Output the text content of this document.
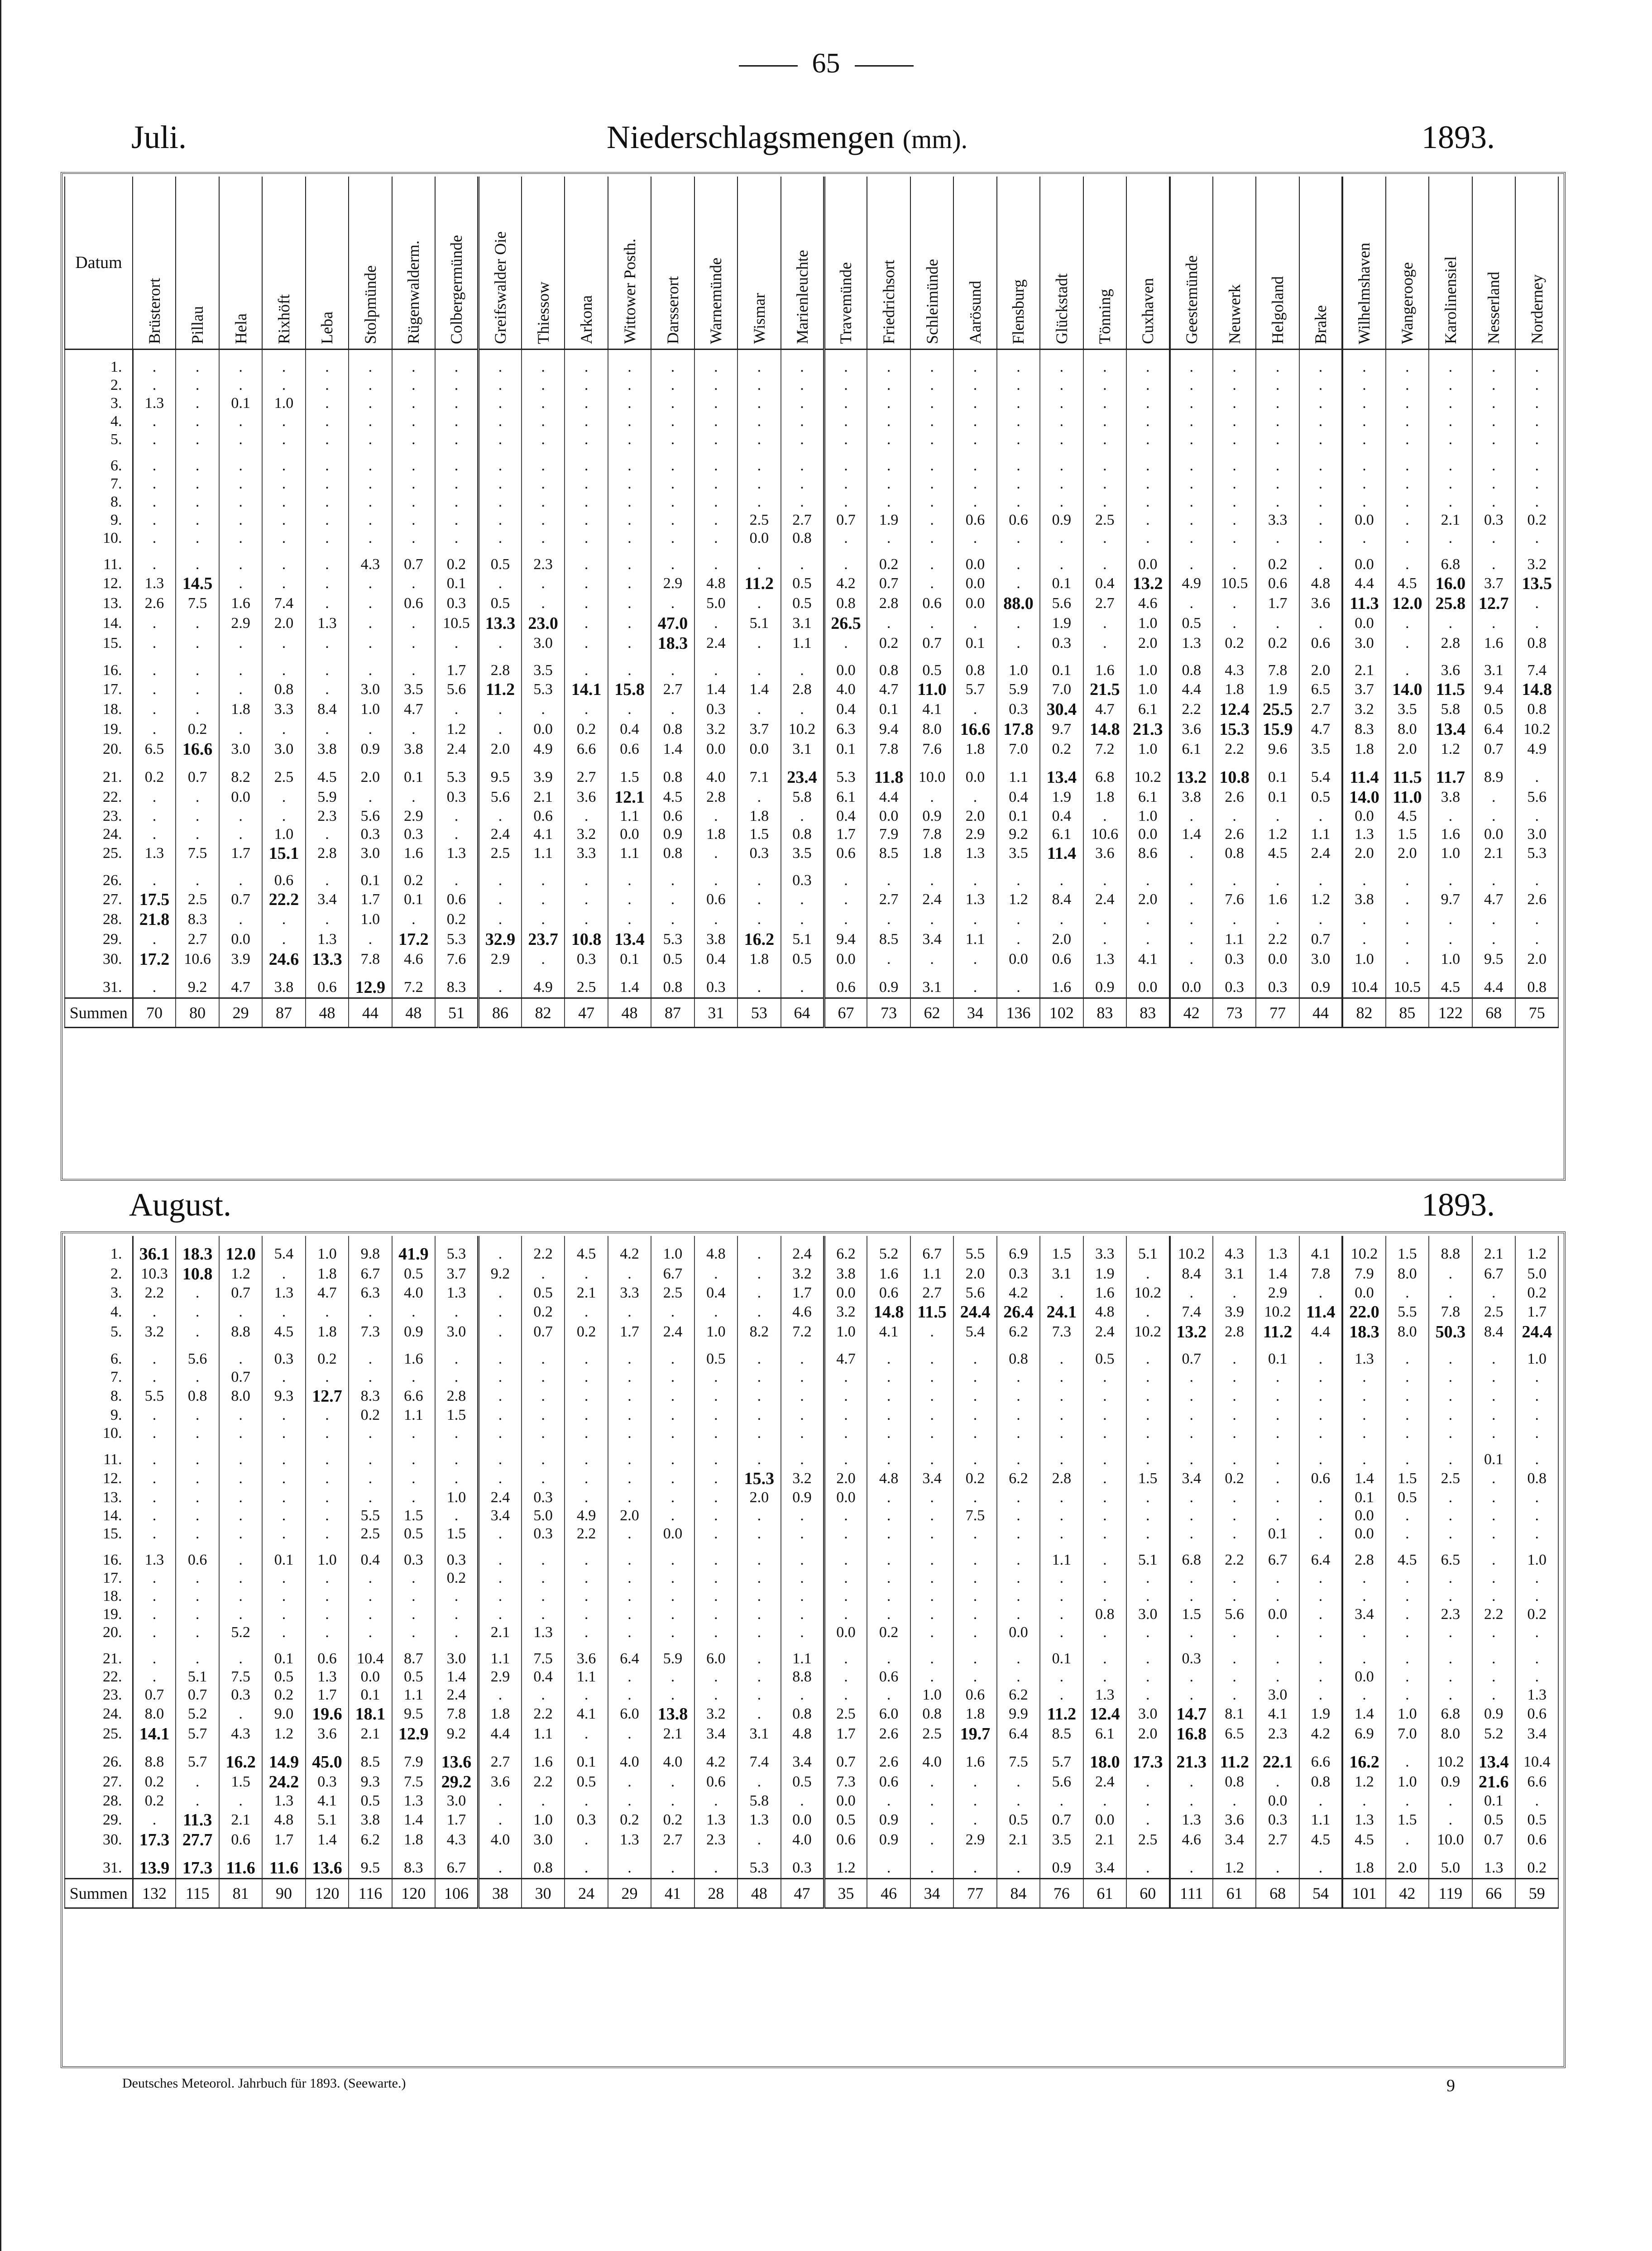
65
Juli.	Niederschlagsmengen (mm).	1893.
Datum	Brüsterort	Pillau	Hela	Rixhöft	Leba	Stolpmünde	Rügenwalderm.	Colbergermünde	Greifswalder Oie	Thiessow	Arkona	Wittower Posth.	Darsserort	Warnemünde	Wismar	Marienleuchte	Travemünde	Friedrichsort	Schleimünde	Aarösund	Flensburg	Glückstadt	Tönning	Cuxhaven	Geestemünde	Neuwerk	Helgoland	Brake	Wilhelmshaven	Wangerooge	Karolinensiel	Nesserland	Norderney

1.	.	.	.	.	.	.	.	.	.	.	.	.	.	.	.	.	.	.	.	.	.	.	.	.	.	.	.	.	.	.	.	.	.
2.	.	.	.	.	.	.	.	.	.	.	.	.	.	.	.	.	.	.	.	.	.	.	.	.	.	.	.	.	.	.	.	.	.
3.	1.3	.	0.1	1.0	.	.	.	.	.	.	.	.	.	.	.	.	.	.	.	.	.	.	.	.	.	.	.	.	.	.	.	.	.
4.	.	.	.	.	.	.	.	.	.	.	.	.	.	.	.	.	.	.	.	.	.	.	.	.	.	.	.	.	.	.	.	.	.
5.	.	.	.	.	.	.	.	.	.	.	.	.	.	.	.	.	.	.	.	.	.	.	.	.	.	.	.	.	.	.	.	.	.

6.	.	.	.	.	.	.	.	.	.	.	.	.	.	.	.	.	.	.	.	.	.	.	.	.	.	.	.	.	.	.	.	.	.
7.	.	.	.	.	.	.	.	.	.	.	.	.	.	.	.	.	.	.	.	.	.	.	.	.	.	.	.	.	.	.	.	.	.
8.	.	.	.	.	.	.	.	.	.	.	.	.	.	.	.	.	.	.	.	.	.	.	.	.	.	.	.	.	.	.	.	.	.
9.	.	.	.	.	.	.	.	.	.	.	.	.	.	.	2.5	2.7	0.7	1.9	.	0.6	0.6	0.9	2.5	.	.	.	3.3	.	0.0	.	2.1	0.3	0.2
10.	.	.	.	.	.	.	.	.	.	.	.	.	.	.	0.0	0.8	.	.	.	.	.	.	.	.	.	.	.	.	.	.	.	.	.

11.	.	.	.	.	.	4.3	0.7	0.2	0.5	2.3	.	.	.	.	.	.	.	0.2	.	0.0	.	.	.	0.0	.	.	0.2	.	0.0	.	6.8	.	3.2
12.	1.3	14.5	.	.	.	.	.	0.1	.	.	.	.	2.9	4.8	11.2	0.5	4.2	0.7	.	0.0	.	0.1	0.4	13.2	4.9	10.5	0.6	4.8	4.4	4.5	16.0	3.7	13.5
13.	2.6	7.5	1.6	7.4	.	.	0.6	0.3	0.5	.	.	.	.	5.0	.	0.5	0.8	2.8	0.6	0.0	88.0	5.6	2.7	4.6	.	.	1.7	3.6	11.3	12.0	25.8	12.7	.
14.	.	.	2.9	2.0	1.3	.	.	10.5	13.3	23.0	.	.	47.0	.	5.1	3.1	26.5	.	.	.	.	1.9	.	1.0	0.5	.	.	.	0.0	.	.	.	.
15.	.	.	.	.	.	.	.	.	.	3.0	.	.	18.3	2.4	.	1.1	.	0.2	0.7	0.1	.	0.3	.	2.0	1.3	0.2	0.2	0.6	3.0	.	2.8	1.6	0.8

16.	.	.	.	.	.	.	.	1.7	2.8	3.5	.	.	.	.	.	.	0.0	0.8	0.5	0.8	1.0	0.1	1.6	1.0	0.8	4.3	7.8	2.0	2.1	.	3.6	3.1	7.4
17.	.	.	.	0.8	.	3.0	3.5	5.6	11.2	5.3	14.1	15.8	2.7	1.4	1.4	2.8	4.0	4.7	11.0	5.7	5.9	7.0	21.5	1.0	4.4	1.8	1.9	6.5	3.7	14.0	11.5	9.4	14.8
18.	.	.	1.8	3.3	8.4	1.0	4.7	.	.	.	.	.	.	0.3	.	.	0.4	0.1	4.1	.	0.3	30.4	4.7	6.1	2.2	12.4	25.5	2.7	3.2	3.5	5.8	0.5	0.8
19.	.	0.2	.	.	.	.	.	1.2	.	0.0	0.2	0.4	0.8	3.2	3.7	10.2	6.3	9.4	8.0	16.6	17.8	9.7	14.8	21.3	3.6	15.3	15.9	4.7	8.3	8.0	13.4	6.4	10.2
20.	6.5	16.6	3.0	3.0	3.8	0.9	3.8	2.4	2.0	4.9	6.6	0.6	1.4	0.0	0.0	3.1	0.1	7.8	7.6	1.8	7.0	0.2	7.2	1.0	6.1	2.2	9.6	3.5	1.8	2.0	1.2	0.7	4.9

21.	0.2	0.7	8.2	2.5	4.5	2.0	0.1	5.3	9.5	3.9	2.7	1.5	0.8	4.0	7.1	23.4	5.3	11.8	10.0	0.0	1.1	13.4	6.8	10.2	13.2	10.8	0.1	5.4	11.4	11.5	11.7	8.9	.
22.	.	.	0.0	.	5.9	.	.	0.3	5.6	2.1	3.6	12.1	4.5	2.8	.	5.8	6.1	4.4	.	.	0.4	1.9	1.8	6.1	3.8	2.6	0.1	0.5	14.0	11.0	3.8	.	5.6
23.	.	.	.	.	2.3	5.6	2.9	.	.	0.6	.	1.1	0.6	.	1.8	.	0.4	0.0	0.9	2.0	0.1	0.4	.	1.0	.	.	.	.	0.0	4.5	.	.	.
24.	.	.	.	1.0	.	0.3	0.3	.	2.4	4.1	3.2	0.0	0.9	1.8	1.5	0.8	1.7	7.9	7.8	2.9	9.2	6.1	10.6	0.0	1.4	2.6	1.2	1.1	1.3	1.5	1.6	0.0	3.0
25.	1.3	7.5	1.7	15.1	2.8	3.0	1.6	1.3	2.5	1.1	3.3	1.1	0.8	.	0.3	3.5	0.6	8.5	1.8	1.3	3.5	11.4	3.6	8.6	.	0.8	4.5	2.4	2.0	2.0	1.0	2.1	5.3

26.	.	.	.	0.6	.	0.1	0.2	.	.	.	.	.	.	.	.	0.3	.	.	.	.	.	.	.	.	.	.	.	.	.	.	.	.	.
27.	17.5	2.5	0.7	22.2	3.4	1.7	0.1	0.6	.	.	.	.	.	0.6	.	.	.	2.7	2.4	1.3	1.2	8.4	2.4	2.0	.	7.6	1.6	1.2	3.8	.	9.7	4.7	2.6
28.	21.8	8.3	.	.	.	1.0	.	0.2	.	.	.	.	.	.	.	.	.	.	.	.	.	.	.	.	.	.	.	.	.	.	.	.	.
29.	.	2.7	0.0	.	1.3	.	17.2	5.3	32.9	23.7	10.8	13.4	5.3	3.8	16.2	5.1	9.4	8.5	3.4	1.1	.	2.0	.	.	.	1.1	2.2	0.7	.	.	.	.	.
30.	17.2	10.6	3.9	24.6	13.3	7.8	4.6	7.6	2.9	.	0.3	0.1	0.5	0.4	1.8	0.5	0.0	.	.	.	0.0	0.6	1.3	4.1	.	0.3	0.0	3.0	1.0	.	1.0	9.5	2.0

31.	.	9.2	4.7	3.8	0.6	12.9	7.2	8.3	.	4.9	2.5	1.4	0.8	0.3	.	.	0.6	0.9	3.1	.	.	1.6	0.9	0.0	0.0	0.3	0.3	0.9	10.4	10.5	4.5	4.4	0.8
Summen	70	80	29	87	48	44	48	51	86	82	47	48	87	31	53	64	67	73	62	34	136	102	83	83	42	73	77	44	82	85	122	68	75
August.	1893.

1.	36.1	18.3	12.0	5.4	1.0	9.8	41.9	5.3	.	2.2	4.5	4.2	1.0	4.8	.	2.4	6.2	5.2	6.7	5.5	6.9	1.5	3.3	5.1	10.2	4.3	1.3	4.1	10.2	1.5	8.8	2.1	1.2
2.	10.3	10.8	1.2	.	1.8	6.7	0.5	3.7	9.2	.	.	.	6.7	.	.	3.2	3.8	1.6	1.1	2.0	0.3	3.1	1.9	.	8.4	3.1	1.4	7.8	7.9	8.0	.	6.7	5.0
3.	2.2	.	0.7	1.3	4.7	6.3	4.0	1.3	.	0.5	2.1	3.3	2.5	0.4	.	1.7	0.0	0.6	2.7	5.6	4.2	.	1.6	10.2	.	.	2.9	.	0.0	.	.	.	0.2
4.	.	.	.	.	.	.	.	.	.	0.2	.	.	.	.	.	4.6	3.2	14.8	11.5	24.4	26.4	24.1	4.8	.	7.4	3.9	10.2	11.4	22.0	5.5	7.8	2.5	1.7
5.	3.2	.	8.8	4.5	1.8	7.3	0.9	3.0	.	0.7	0.2	1.7	2.4	1.0	8.2	7.2	1.0	4.1	.	5.4	6.2	7.3	2.4	10.2	13.2	2.8	11.2	4.4	18.3	8.0	50.3	8.4	24.4

6.	.	5.6	.	0.3	0.2	.	1.6	.	.	.	.	.	.	0.5	.	.	4.7	.	.	.	0.8	.	0.5	.	0.7	.	0.1	.	1.3	.	.	.	1.0
7.	.	.	0.7	.	.	.	.	.	.	.	.	.	.	.	.	.	.	.	.	.	.	.	.	.	.	.	.	.	.	.	.	.	.
8.	5.5	0.8	8.0	9.3	12.7	8.3	6.6	2.8	.	.	.	.	.	.	.	.	.	.	.	.	.	.	.	.	.	.	.	.	.	.	.	.	.
9.	.	.	.	.	.	0.2	1.1	1.5	.	.	.	.	.	.	.	.	.	.	.	.	.	.	.	.	.	.	.	.	.	.	.	.	.
10.	.	.	.	.	.	.	.	.	.	.	.	.	.	.	.	.	.	.	.	.	.	.	.	.	.	.	.	.	.	.	.	.	.

11.	.	.	.	.	.	.	.	.	.	.	.	.	.	.	.	.	.	.	.	.	.	.	.	.	.	.	.	.	.	.	.	0.1	.
12.	.	.	.	.	.	.	.	.	.	.	.	.	.	.	15.3	3.2	2.0	4.8	3.4	0.2	6.2	2.8	.	1.5	3.4	0.2	.	0.6	1.4	1.5	2.5	.	0.8
13.	.	.	.	.	.	.	.	1.0	2.4	0.3	.	.	.	.	2.0	0.9	0.0	.	.	.	.	.	.	.	.	.	.	.	0.1	0.5	.	.	.
14.	.	.	.	.	.	5.5	1.5	.	3.4	5.0	4.9	2.0	.	.	.	.	.	.	.	7.5	.	.	.	.	.	.	.	.	0.0	.	.	.	.
15.	.	.	.	.	.	2.5	0.5	1.5	.	0.3	2.2	.	0.0	.	.	.	.	.	.	.	.	.	.	.	.	.	0.1	.	0.0	.	.	.	.

16.	1.3	0.6	.	0.1	1.0	0.4	0.3	0.3	.	.	.	.	.	.	.	.	.	.	.	.	.	1.1	.	5.1	6.8	2.2	6.7	6.4	2.8	4.5	6.5	.	1.0
17.	.	.	.	.	.	.	.	0.2	.	.	.	.	.	.	.	.	.	.	.	.	.	.	.	.	.	.	.	.	.	.	.	.	.
18.	.	.	.	.	.	.	.	.	.	.	.	.	.	.	.	.	.	.	.	.	.	.	.	.	.	.	.	.	.	.	.	.	.
19.	.	.	.	.	.	.	.	.	.	.	.	.	.	.	.	.	.	.	.	.	.	.	0.8	3.0	1.5	5.6	0.0	.	3.4	.	2.3	2.2	0.2
20.	.	.	5.2	.	.	.	.	.	2.1	1.3	.	.	.	.	.	.	0.0	0.2	.	.	0.0	.	.	.	.	.	.	.	.	.	.	.	.

21.	.	.	.	0.1	0.6	10.4	8.7	3.0	1.1	7.5	3.6	6.4	5.9	6.0	.	1.1	.	.	.	.	.	0.1	.	.	0.3	.	.	.	.	.	.	.	.
22.	.	5.1	7.5	0.5	1.3	0.0	0.5	1.4	2.9	0.4	1.1	.	.	.	.	8.8	.	0.6	.	.	.	.	.	.	.	.	.	.	0.0	.	.	.	.
23.	0.7	0.7	0.3	0.2	1.7	0.1	1.1	2.4	.	.	.	.	.	.	.	.	.	.	1.0	0.6	6.2	.	1.3	.	.	.	3.0	.	.	.	.	.	1.3
24.	8.0	5.2	.	9.0	19.6	18.1	9.5	7.8	1.8	2.2	4.1	6.0	13.8	3.2	.	0.8	2.5	6.0	0.8	1.8	9.9	11.2	12.4	3.0	14.7	8.1	4.1	1.9	1.4	1.0	6.8	0.9	0.6
25.	14.1	5.7	4.3	1.2	3.6	2.1	12.9	9.2	4.4	1.1	.	.	2.1	3.4	3.1	4.8	1.7	2.6	2.5	19.7	6.4	8.5	6.1	2.0	16.8	6.5	2.3	4.2	6.9	7.0	8.0	5.2	3.4

26.	8.8	5.7	16.2	14.9	45.0	8.5	7.9	13.6	2.7	1.6	0.1	4.0	4.0	4.2	7.4	3.4	0.7	2.6	4.0	1.6	7.5	5.7	18.0	17.3	21.3	11.2	22.1	6.6	16.2	.	10.2	13.4	10.4
27.	0.2	.	1.5	24.2	0.3	9.3	7.5	29.2	3.6	2.2	0.5	.	.	0.6	.	0.5	7.3	0.6	.	.	.	5.6	2.4	.	.	0.8	.	0.8	1.2	1.0	0.9	21.6	6.6
28.	0.2	.	.	1.3	4.1	0.5	1.3	3.0	.	.	.	.	.	.	5.8	.	0.0	.	.	.	.	.	.	.	.	.	0.0	.	.	.	.	0.1	.
29.	.	11.3	2.1	4.8	5.1	3.8	1.4	1.7	.	1.0	0.3	0.2	0.2	1.3	1.3	0.0	0.5	0.9	.	.	0.5	0.7	0.0	.	1.3	3.6	0.3	1.1	1.3	1.5	.	0.5	0.5
30.	17.3	27.7	0.6	1.7	1.4	6.2	1.8	4.3	4.0	3.0	.	1.3	2.7	2.3	.	4.0	0.6	0.9	.	2.9	2.1	3.5	2.1	2.5	4.6	3.4	2.7	4.5	4.5	.	10.0	0.7	0.6

31.	13.9	17.3	11.6	11.6	13.6	9.5	8.3	6.7	.	0.8	.	.	.	.	5.3	0.3	1.2	.	.	.	.	0.9	3.4	.	.	1.2	.	.	1.8	2.0	5.0	1.3	0.2
Summen	132	115	81	90	120	116	120	106	38	30	24	29	41	28	48	47	35	46	34	77	84	76	61	60	111	61	68	54	101	42	119	66	59
Deutsches Meteorol. Jahrbuch für 1893. (Seewarte.)	9
